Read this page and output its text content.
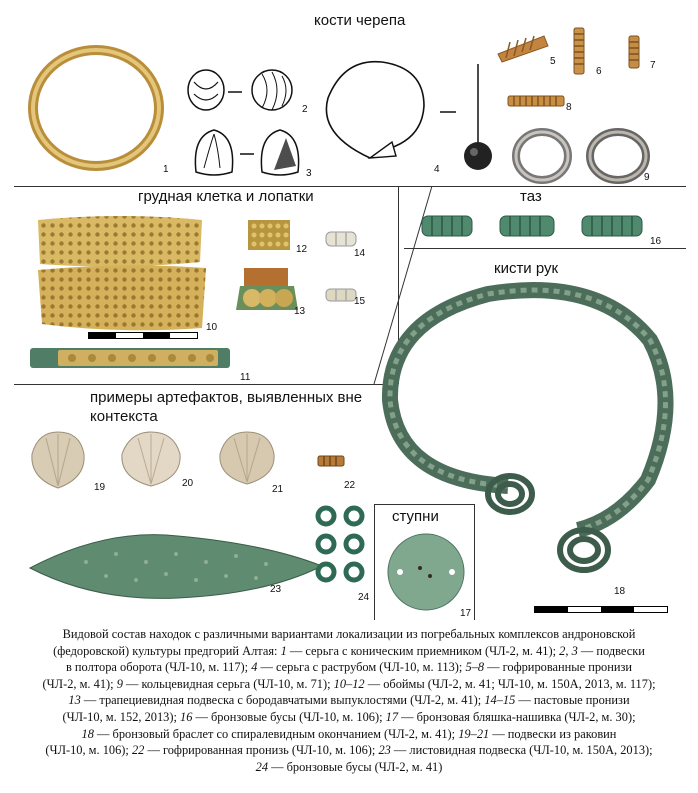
кости черепа
грудная клетка и лопатки	таз
кисти рук
примеры артефактов, выявленных вне контекста
ступни
1
2
3	4
5
6
7
8
9
10
11
12
13
14
15
16
18
19	20
21	22
23
24
17
Видовой состав находок с различными вариантами локализации из погребальных комплексов андроновской
(федоровской) культуры предгорий Алтая: 1 — серьга с коническим приемником (ЧЛ-2, м. 41); 2, 3 — подвески
в полтора оборота (ЧЛ-10, м. 117); 4 — серьга с раструбом (ЧЛ-10, м. 113); 5–8 — гофрированные пронизи
(ЧЛ-2, м. 41); 9 — кольцевидная серьга (ЧЛ-10, м. 71); 10–12 — обоймы (ЧЛ-2, м. 41; ЧЛ-10, м. 150А, 2013, м. 117);
13 — трапециевидная подвеска с бородавчатыми выпуклостями (ЧЛ-2, м. 41); 14–15 — пастовые пронизи
(ЧЛ-10, м. 152, 2013); 16 — бронзовые бусы (ЧЛ-10, м. 106); 17 — бронзовая бляшка-нашивка (ЧЛ-2, м. 30);
18 — бронзовый браслет со спиралевидным окончанием (ЧЛ-2, м. 41); 19–21 — подвески из раковин
(ЧЛ-10, м. 106); 22 — гофрированная пронизь (ЧЛ-10, м. 106); 23 — листовидная подвеска (ЧЛ-10, м. 150А, 2013);
24 — бронзовые бусы (ЧЛ-2, м. 41)
